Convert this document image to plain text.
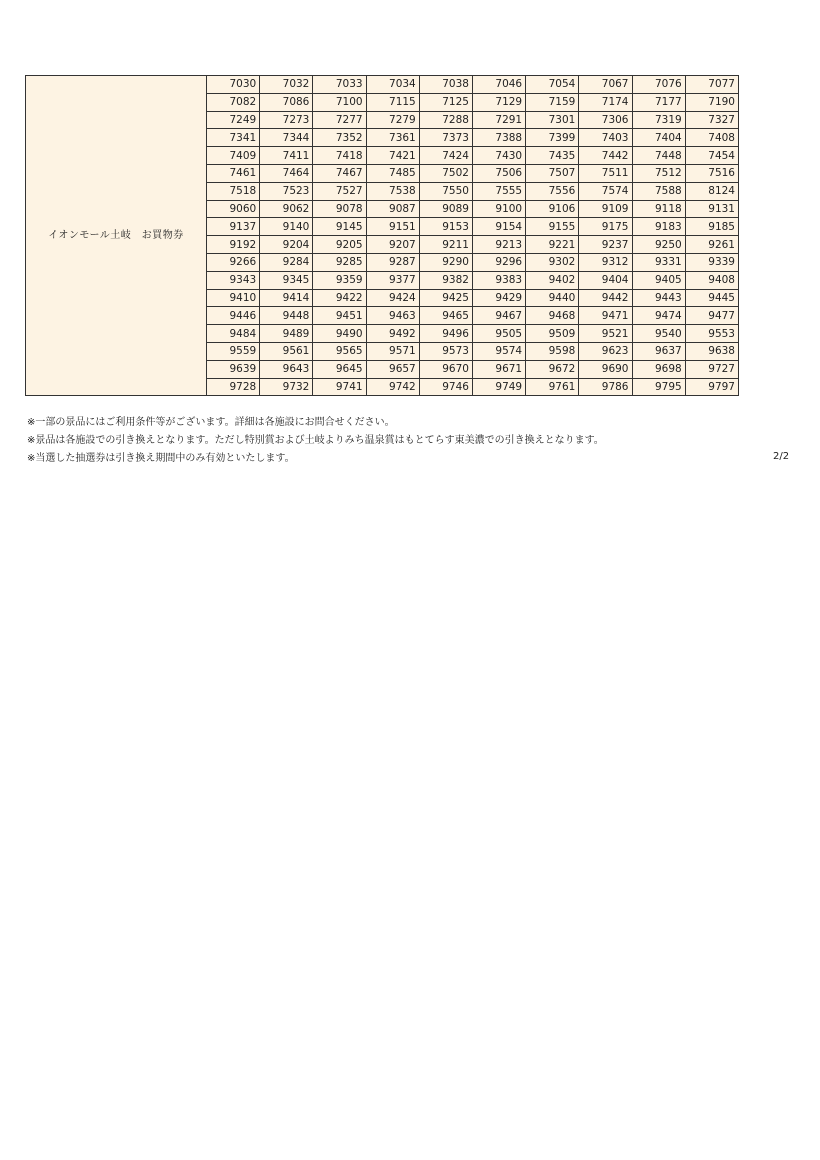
イオンモール土岐　お買物券	7030	7032	7033	7034	7038	7046	7054	7067	7076	7077
	7082	7086	7100	7115	7125	7129	7159	7174	7177	7190
	7249	7273	7277	7279	7288	7291	7301	7306	7319	7327
	7341	7344	7352	7361	7373	7388	7399	7403	7404	7408
	7409	7411	7418	7421	7424	7430	7435	7442	7448	7454
	7461	7464	7467	7485	7502	7506	7507	7511	7512	7516
	7518	7523	7527	7538	7550	7555	7556	7574	7588	8124
	9060	9062	9078	9087	9089	9100	9106	9109	9118	9131
	9137	9140	9145	9151	9153	9154	9155	9175	9183	9185
	9192	9204	9205	9207	9211	9213	9221	9237	9250	9261
	9266	9284	9285	9287	9290	9296	9302	9312	9331	9339
	9343	9345	9359	9377	9382	9383	9402	9404	9405	9408
	9410	9414	9422	9424	9425	9429	9440	9442	9443	9445
	9446	9448	9451	9463	9465	9467	9468	9471	9474	9477
	9484	9489	9490	9492	9496	9505	9509	9521	9540	9553
	9559	9561	9565	9571	9573	9574	9598	9623	9637	9638
	9639	9643	9645	9657	9670	9671	9672	9690	9698	9727
	9728	9732	9741	9742	9746	9749	9761	9786	9795	9797
※一部の景品にはご利用条件等がございます。詳細は各施設にお問合せください。
※景品は各施設での引き換えとなります。ただし特別賞および土岐よりみち温泉賞はもとてらす東美濃での引き換えとなります。
※当選した抽選券は引き換え期間中のみ有効といたします。	2/2
